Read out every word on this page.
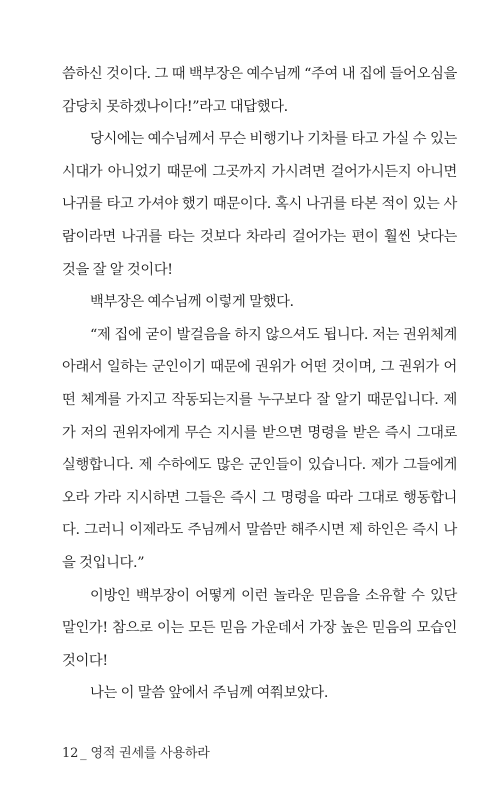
씀하신 것이다. 그 때 백부장은 예수님께 “주여 내 집에 들어오심을 감당치 못하겠나이다!”라고 대답했다.

당시에는 예수님께서 무슨 비행기나 기차를 타고 가실 수 있는 시대가 아니었기 때문에 그곳까지 가시려면 걸어가시든지 아니면 나귀를 타고 가셔야 했기 때문이다. 혹시 나귀를 타본 적이 있는 사람이라면 나귀를 타는 것보다 차라리 걸어가는 편이 훨씬 낫다는 것을 잘 알 것이다!

백부장은 예수님께 이렇게 말했다.

“제 집에 굳이 발걸음을 하지 않으셔도 됩니다. 저는 권위체계 아래서 일하는 군인이기 때문에 권위가 어떤 것이며, 그 권위가 어떤 체계를 가지고 작동되는지를 누구보다 잘 알기 때문입니다. 제가 저의 권위자에게 무슨 지시를 받으면 명령을 받은 즉시 그대로 실행합니다. 제 수하에도 많은 군인들이 있습니다. 제가 그들에게 오라 가라 지시하면 그들은 즉시 그 명령을 따라 그대로 행동합니다. 그러니 이제라도 주님께서 말씀만 해주시면 제 하인은 즉시 나을 것입니다.”

이방인 백부장이 어떻게 이런 놀라운 믿음을 소유할 수 있단 말인가! 참으로 이는 모든 믿음 가운데서 가장 높은 믿음의 모습인 것이다!

나는 이 말씀 앞에서 주님께 여쭤보았다.

12 _ 영적 권세를 사용하라
